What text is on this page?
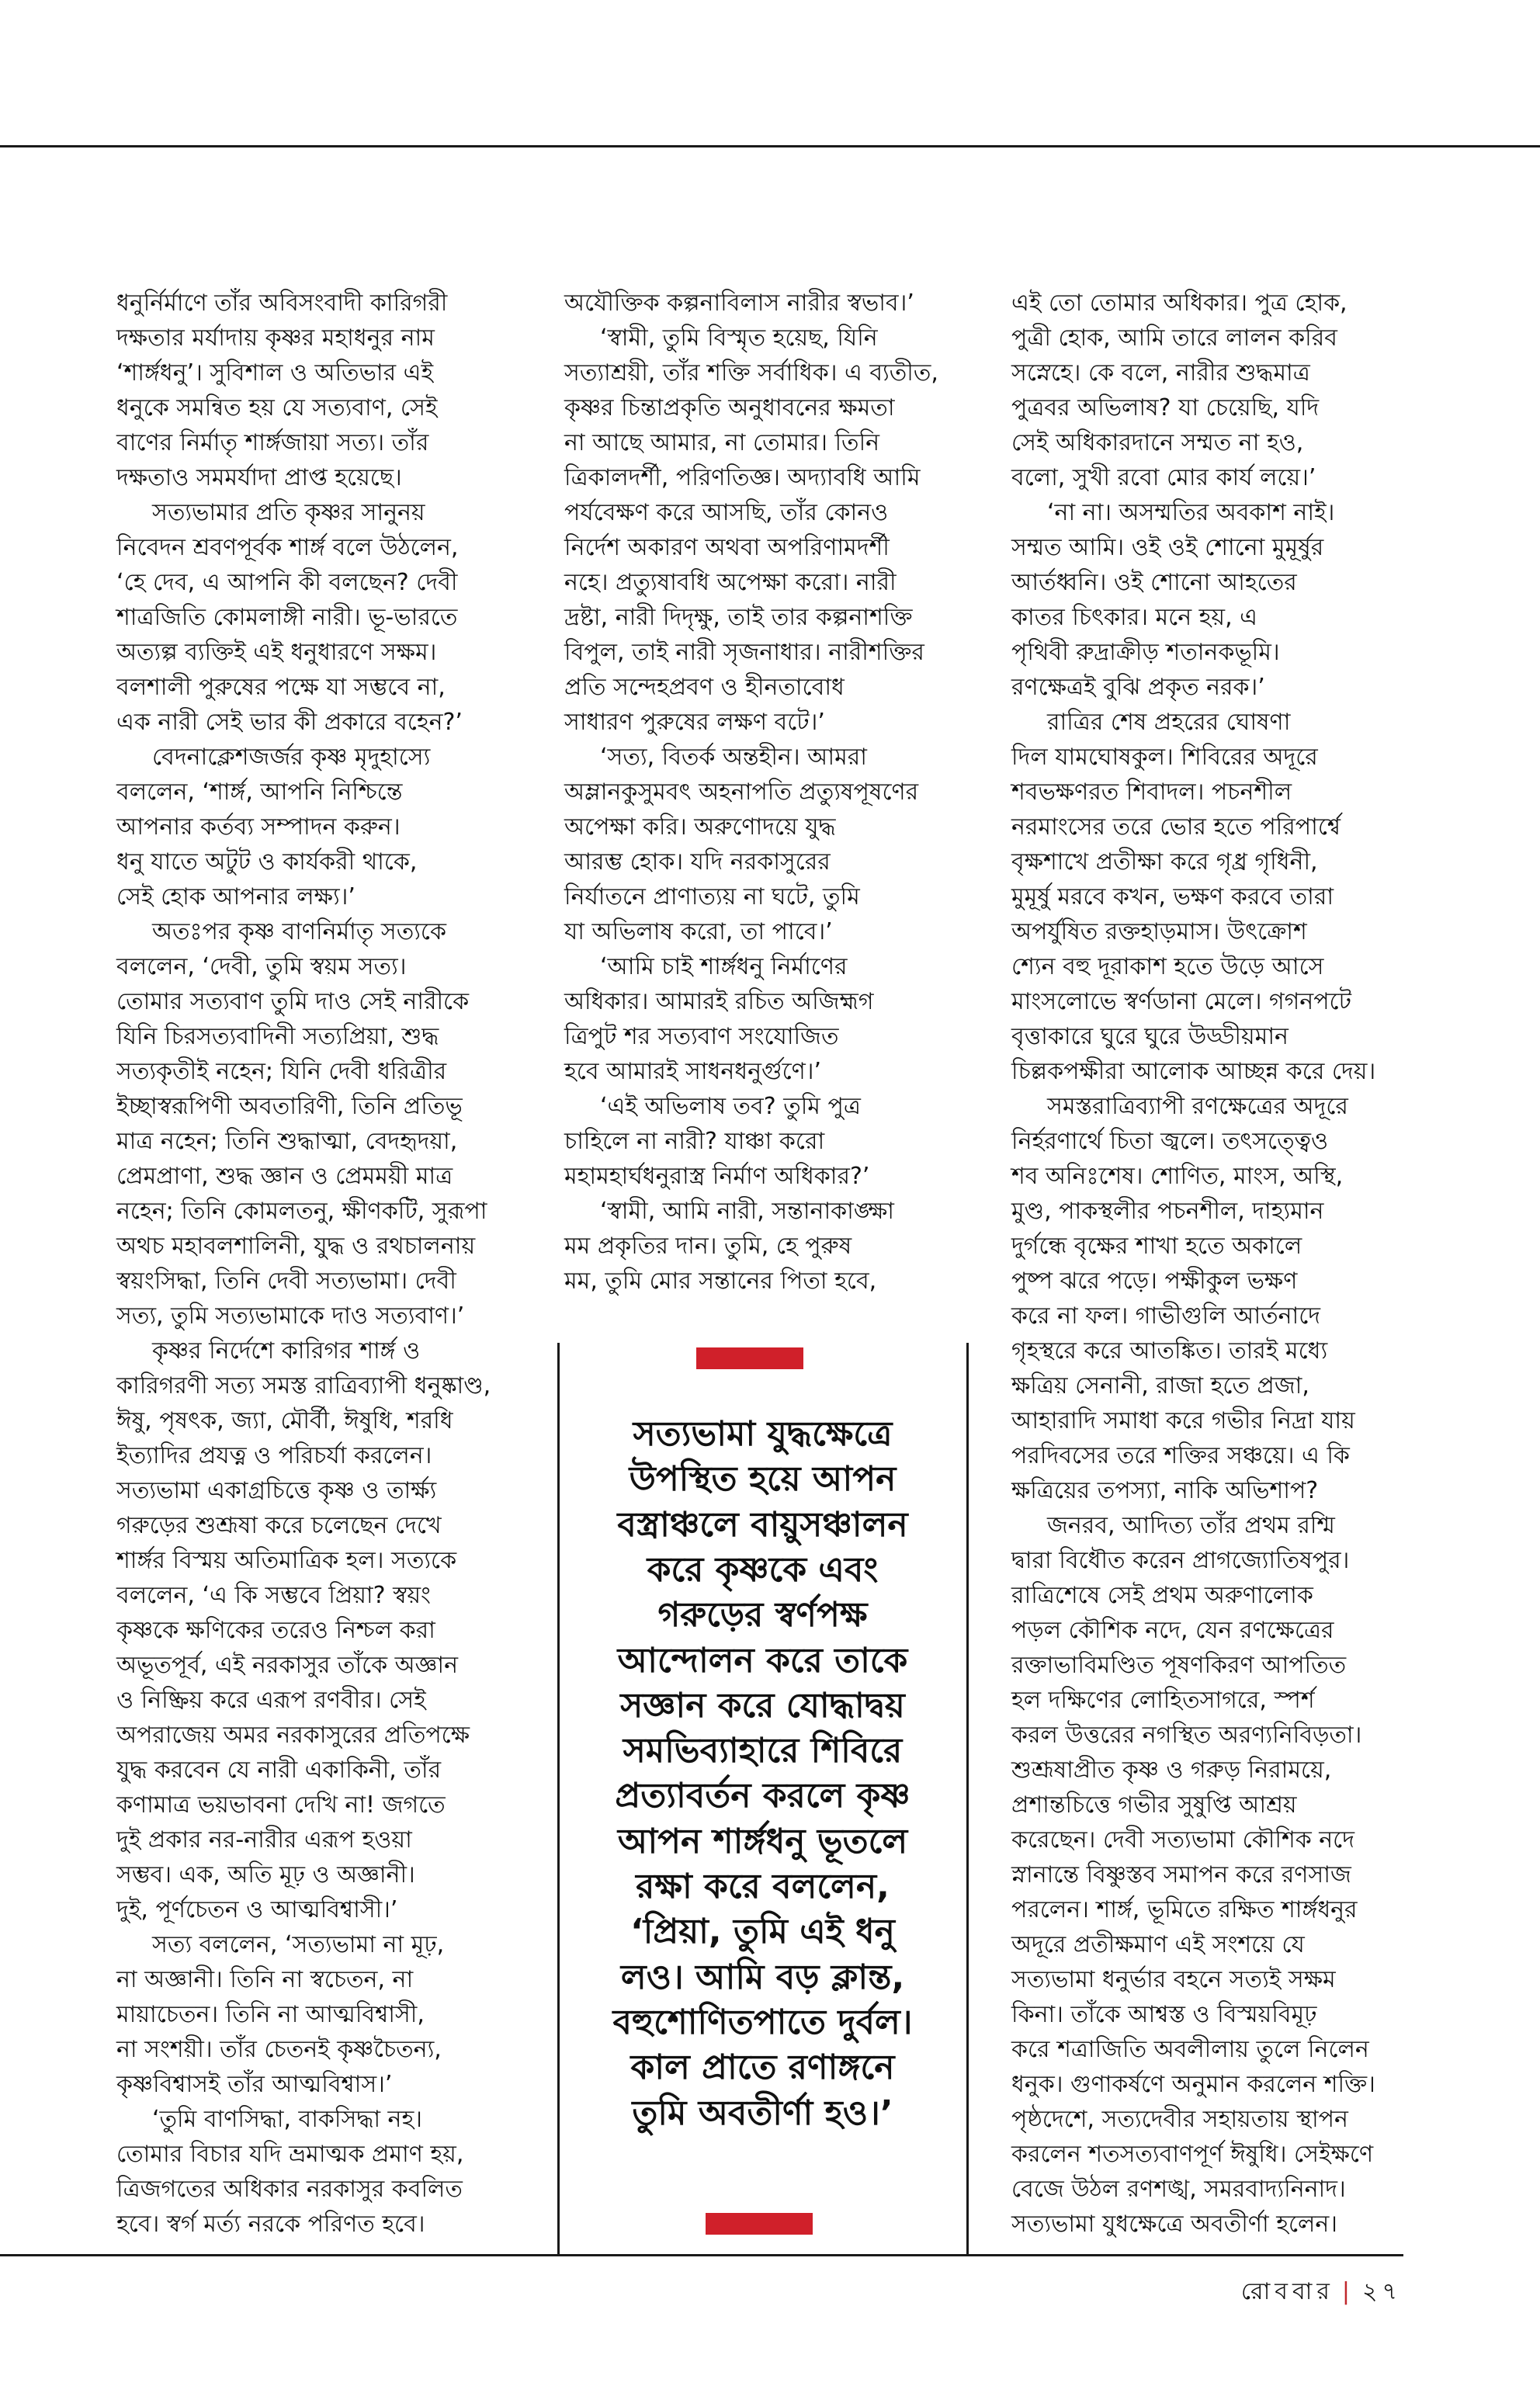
ধনুর্নির্মাণে তাঁর অবিসংবাদী কারিগরী
দক্ষতার মর্যাদায় কৃষ্ণর মহাধনুর নাম
‘শার্ঙ্গধনু’। সুবিশাল ও অতিভার এই
ধনুকে সমন্বিত হয় যে সত্যবাণ, সেই
বাণের নির্মাতৃ শার্ঙ্গজায়া সত্য। তাঁর
দক্ষতাও সমমর্যাদা প্রাপ্ত হয়েছে।
সত্যভামার প্রতি কৃষ্ণর সানুনয়
নিবেদন শ্রবণপূর্বক শার্ঙ্গ বলে উঠলেন,
‘হে দেব, এ আপনি কী বলছেন? দেবী
শাত্রজিতি কোমলাঙ্গী নারী। ভূ-ভারতে
অত্যল্প ব্যক্তিই এই ধনুধারণে সক্ষম।
বলশালী পুরুষের পক্ষে যা সম্ভবে না,
এক নারী সেই ভার কী প্রকারে বহেন?’
বেদনাক্লেশজর্জর কৃষ্ণ মৃদুহাস্যে
বললেন, ‘শার্ঙ্গ, আপনি নিশ্চিন্তে
আপনার কর্তব্য সম্পাদন করুন।
ধনু যাতে অটুট ও কার্যকরী থাকে,
সেই হোক আপনার লক্ষ্য।’
অতঃপর কৃষ্ণ বাণনির্মাতৃ সত্যকে
বললেন, ‘দেবী, তুমি স্বয়ম সত্য।
তোমার সত্যবাণ তুমি দাও সেই নারীকে
যিনি চিরসত্যবাদিনী সত্যপ্রিয়া, শুদ্ধ
সত্যকৃতীই নহেন; যিনি দেবী ধরিত্রীর
ইচ্ছাস্বরূপিণী অবতারিণী, তিনি প্রতিভূ
মাত্র নহেন; তিনি শুদ্ধাত্মা, বেদহৃদয়া,
প্রেমপ্রাণা, শুদ্ধ জ্ঞান ও প্রেমময়ী মাত্র
নহেন; তিনি কোমলতনু, ক্ষীণকটি, সুরূপা
অথচ মহাবলশালিনী, যুদ্ধ ও রথচালনায়
স্বয়ংসিদ্ধা, তিনি দেবী সত্যভামা। দেবী
সত্য, তুমি সত্যভামাকে দাও সত্যবাণ।’
কৃষ্ণর নির্দেশে কারিগর শার্ঙ্গ ও
কারিগরণী সত্য সমস্ত রাত্রিব্যাপী ধনুষ্কাণ্ড,
ঈষু, পৃষৎক, জ্যা, মৌর্বী, ঈষুধি, শরধি
ইত্যাদির প্রযত্ন ও পরিচর্যা করলেন।
সত্যভামা একাগ্রচিত্তে কৃষ্ণ ও তার্ক্ষ্য
গরুড়ের শুশ্রূষা করে চলেছেন দেখে
শার্ঙ্গর বিস্ময় অতিমাত্রিক হল। সত্যকে
বললেন, ‘এ কি সম্ভবে প্রিয়া? স্বয়ং
কৃষ্ণকে ক্ষণিকের তরেও নিশ্চল করা
অভূতপূর্ব, এই নরকাসুর তাঁকে অজ্ঞান
ও নিষ্ক্রিয় করে এরূপ রণবীর। সেই
অপরাজেয় অমর নরকাসুরের প্রতিপক্ষে
যুদ্ধ করবেন যে নারী একাকিনী, তাঁর
কণামাত্র ভয়ভাবনা দেখি না! জগতে
দুই প্রকার নর-নারীর এরূপ হওয়া
সম্ভব। এক, অতি মূঢ় ও অজ্ঞানী।
দুই, পূর্ণচেতন ও আত্মবিশ্বাসী।’
সত্য বললেন, ‘সত্যভামা না মূঢ়,
না অজ্ঞানী। তিনি না স্বচেতন, না
মায়াচেতন। তিনি না আত্মবিশ্বাসী,
না সংশয়ী। তাঁর চেতনই কৃষ্ণচৈতন্য,
কৃষ্ণবিশ্বাসই তাঁর আত্মবিশ্বাস।’
‘তুমি বাণসিদ্ধা, বাকসিদ্ধা নহ।
তোমার বিচার যদি ভ্রমাত্মক প্রমাণ হয়,
ত্রিজগতের অধিকার নরকাসুর কবলিত
হবে। স্বর্গ মর্ত্য নরকে পরিণত হবে।
অযৌক্তিক কল্পনাবিলাস নারীর স্বভাব।’
‘স্বামী, তুমি বিস্মৃত হয়েছ, যিনি
সত্যাশ্রয়ী, তাঁর শক্তি সর্বাধিক। এ ব্যতীত,
কৃষ্ণর চিন্তাপ্রকৃতি অনুধাবনের ক্ষমতা
না আছে আমার, না তোমার। তিনি
ত্রিকালদর্শী, পরিণতিজ্ঞ। অদ্যাবধি আমি
পর্যবেক্ষণ করে আসছি, তাঁর কোনও
নির্দেশ অকারণ অথবা অপরিণামদর্শী
নহে। প্রত্যুষাবধি অপেক্ষা করো। নারী
দ্রষ্টা, নারী দিদৃক্ষু, তাই তার কল্পনাশক্তি
বিপুল, তাই নারী সৃজনাধার। নারীশক্তির
প্রতি সন্দেহপ্রবণ ও হীনতাবোধ
সাধারণ পুরুষের লক্ষণ বটে।’
‘সত্য, বিতর্ক অন্তহীন। আমরা
অম্লানকুসুমবৎ অহনাপতি প্রত্যুষপূষণের
অপেক্ষা করি। অরুণোদয়ে যুদ্ধ
আরম্ভ হোক। যদি নরকাসুরের
নির্যাতনে প্রাণাত্যয় না ঘটে, তুমি
যা অভিলাষ করো, তা পাবে।’
‘আমি চাই শার্ঙ্গধনু নির্মাণের
অধিকার। আমারই রচিত অজিহ্মগ
ত্রিপুট শর সত্যবাণ সংযোজিত
হবে আমারই সাধনধনুর্গুণে।’
‘এই অভিলাষ তব? তুমি পুত্র
চাহিলে না নারী? যাঞ্চা করো
মহামহার্ঘধনুরাস্ত্র নির্মাণ অধিকার?’
‘স্বামী, আমি নারী, সন্তানাকাঙ্ক্ষা
মম প্রকৃতির দান। তুমি, হে পুরুষ
মম, তুমি মোর সন্তানের পিতা হবে,
এই তো তোমার অধিকার। পুত্র হোক,
পুত্রী হোক, আমি তারে লালন করিব
সস্নেহে। কে বলে, নারীর শুদ্ধমাত্র
পুত্রবর অভিলাষ? যা চেয়েছি, যদি
সেই অধিকারদানে সম্মত না হও,
বলো, সুখী রবো মোর কার্য লয়ে।’
‘না না। অসম্মতির অবকাশ নাই।
সম্মত আমি। ওই ওই শোনো মুমূর্ষুর
আর্তধ্বনি। ওই শোনো আহতের
কাতর চিৎকার। মনে হয়, এ
পৃথিবী রুদ্রাক্রীড় শতানকভূমি।
রণক্ষেত্রই বুঝি প্রকৃত নরক।’
রাত্রির শেষ প্রহরের ঘোষণা
দিল যামঘোষকুল। শিবিরের অদূরে
শবভক্ষণরত শিবাদল। পচনশীল
নরমাংসের তরে ভোর হতে পরিপার্শ্বে
বৃক্ষশাখে প্রতীক্ষা করে গৃধ্র গৃধিনী,
মুমূর্ষু মরবে কখন, ভক্ষণ করবে তারা
অপর্যুষিত রক্তহাড়মাস। উৎক্রোশ
শ্যেন বহু দূরাকাশ হতে উড়ে আসে
মাংসলোভে স্বর্ণডানা মেলে। গগনপটে
বৃত্তাকারে ঘুরে ঘুরে উড্ডীয়মান
চিল্লকপক্ষীরা আলোক আচ্ছন্ন করে দেয়।
সমস্তরাত্রিব্যাপী রণক্ষেত্রের অদূরে
নির্হরণার্থে চিতা জ্বলে। তৎসত্ত্বেও
শব অনিঃশেষ। শোণিত, মাংস, অস্থি,
মুণ্ড, পাকস্থলীর পচনশীল, দাহ্যমান
দুর্গন্ধে বৃক্ষের শাখা হতে অকালে
পুষ্প ঝরে পড়ে। পক্ষীকুল ভক্ষণ
করে না ফল। গাভীগুলি আর্তনাদে
গৃহস্থরে করে আতঙ্কিত। তারই মধ্যে
ক্ষত্রিয় সেনানী, রাজা হতে প্রজা,
আহারাদি সমাধা করে গভীর নিদ্রা যায়
পরদিবসের তরে শক্তির সঞ্চয়ে। এ কি
ক্ষত্রিয়ের তপস্যা, নাকি অভিশাপ?
জনরব, আদিত্য তাঁর প্রথম রশ্মি
দ্বারা বিধৌত করেন প্রাগজ্যোতিষপুর।
রাত্রিশেষে সেই প্রথম অরুণালোক
পড়ল কৌশিক নদে, যেন রণক্ষেত্রের
রক্তাভাবিমণ্ডিত পূষণকিরণ আপতিত
হল দক্ষিণের লোহিতসাগরে, স্পর্শ
করল উত্তরের নগস্থিত অরণ্যনিবিড়তা।
শুশ্রূষাপ্রীত কৃষ্ণ ও গরুড় নিরাময়ে,
প্রশান্তচিত্তে গভীর সুষুপ্তি আশ্রয়
করেছেন। দেবী সত্যভামা কৌশিক নদে
স্নানান্তে বিষ্ণুস্তব সমাপন করে রণসাজ
পরলেন। শার্ঙ্গ, ভূমিতে রক্ষিত শার্ঙ্গধনুর
অদূরে প্রতীক্ষমাণ এই সংশয়ে যে
সত্যভামা ধনুর্ভার বহনে সত্যই সক্ষম
কিনা। তাঁকে আশ্বস্ত ও বিস্ময়বিমূঢ়
করে শত্রাজিতি অবলীলায় তুলে নিলেন
ধনুক। গুণাকর্ষণে অনুমান করলেন শক্তি।
পৃষ্ঠদেশে, সত্যদেবীর সহায়তায় স্থাপন
করলেন শতসত্যবাণপূর্ণ ঈষুধি। সেইক্ষণে
বেজে উঠল রণশঙ্খ, সমরবাদ্যনিনাদ।
সত্যভামা যুধক্ষেত্রে অবতীর্ণা হলেন।
সত্যভামা যুদ্ধক্ষেত্রে
উপস্থিত হয়ে আপন
বস্ত্রাঞ্চলে বায়ুসঞ্চালন
করে কৃষ্ণকে এবং
গরুড়ের স্বর্ণপক্ষ
আন্দোলন করে তাকে
সজ্ঞান করে যোদ্ধাদ্বয়
সমভিব্যাহারে শিবিরে
প্রত্যাবর্তন করলে কৃষ্ণ
আপন শার্ঙ্গধনু ভূতলে
রক্ষা করে বললেন,
‘প্রিয়া, তুমি এই ধনু
লও। আমি বড় ক্লান্ত,
বহুশোণিতপাতে দুর্বল।
কাল প্রাতে রণাঙ্গনে
তুমি অবতীর্ণা হও।’
রোববার | ২৭
